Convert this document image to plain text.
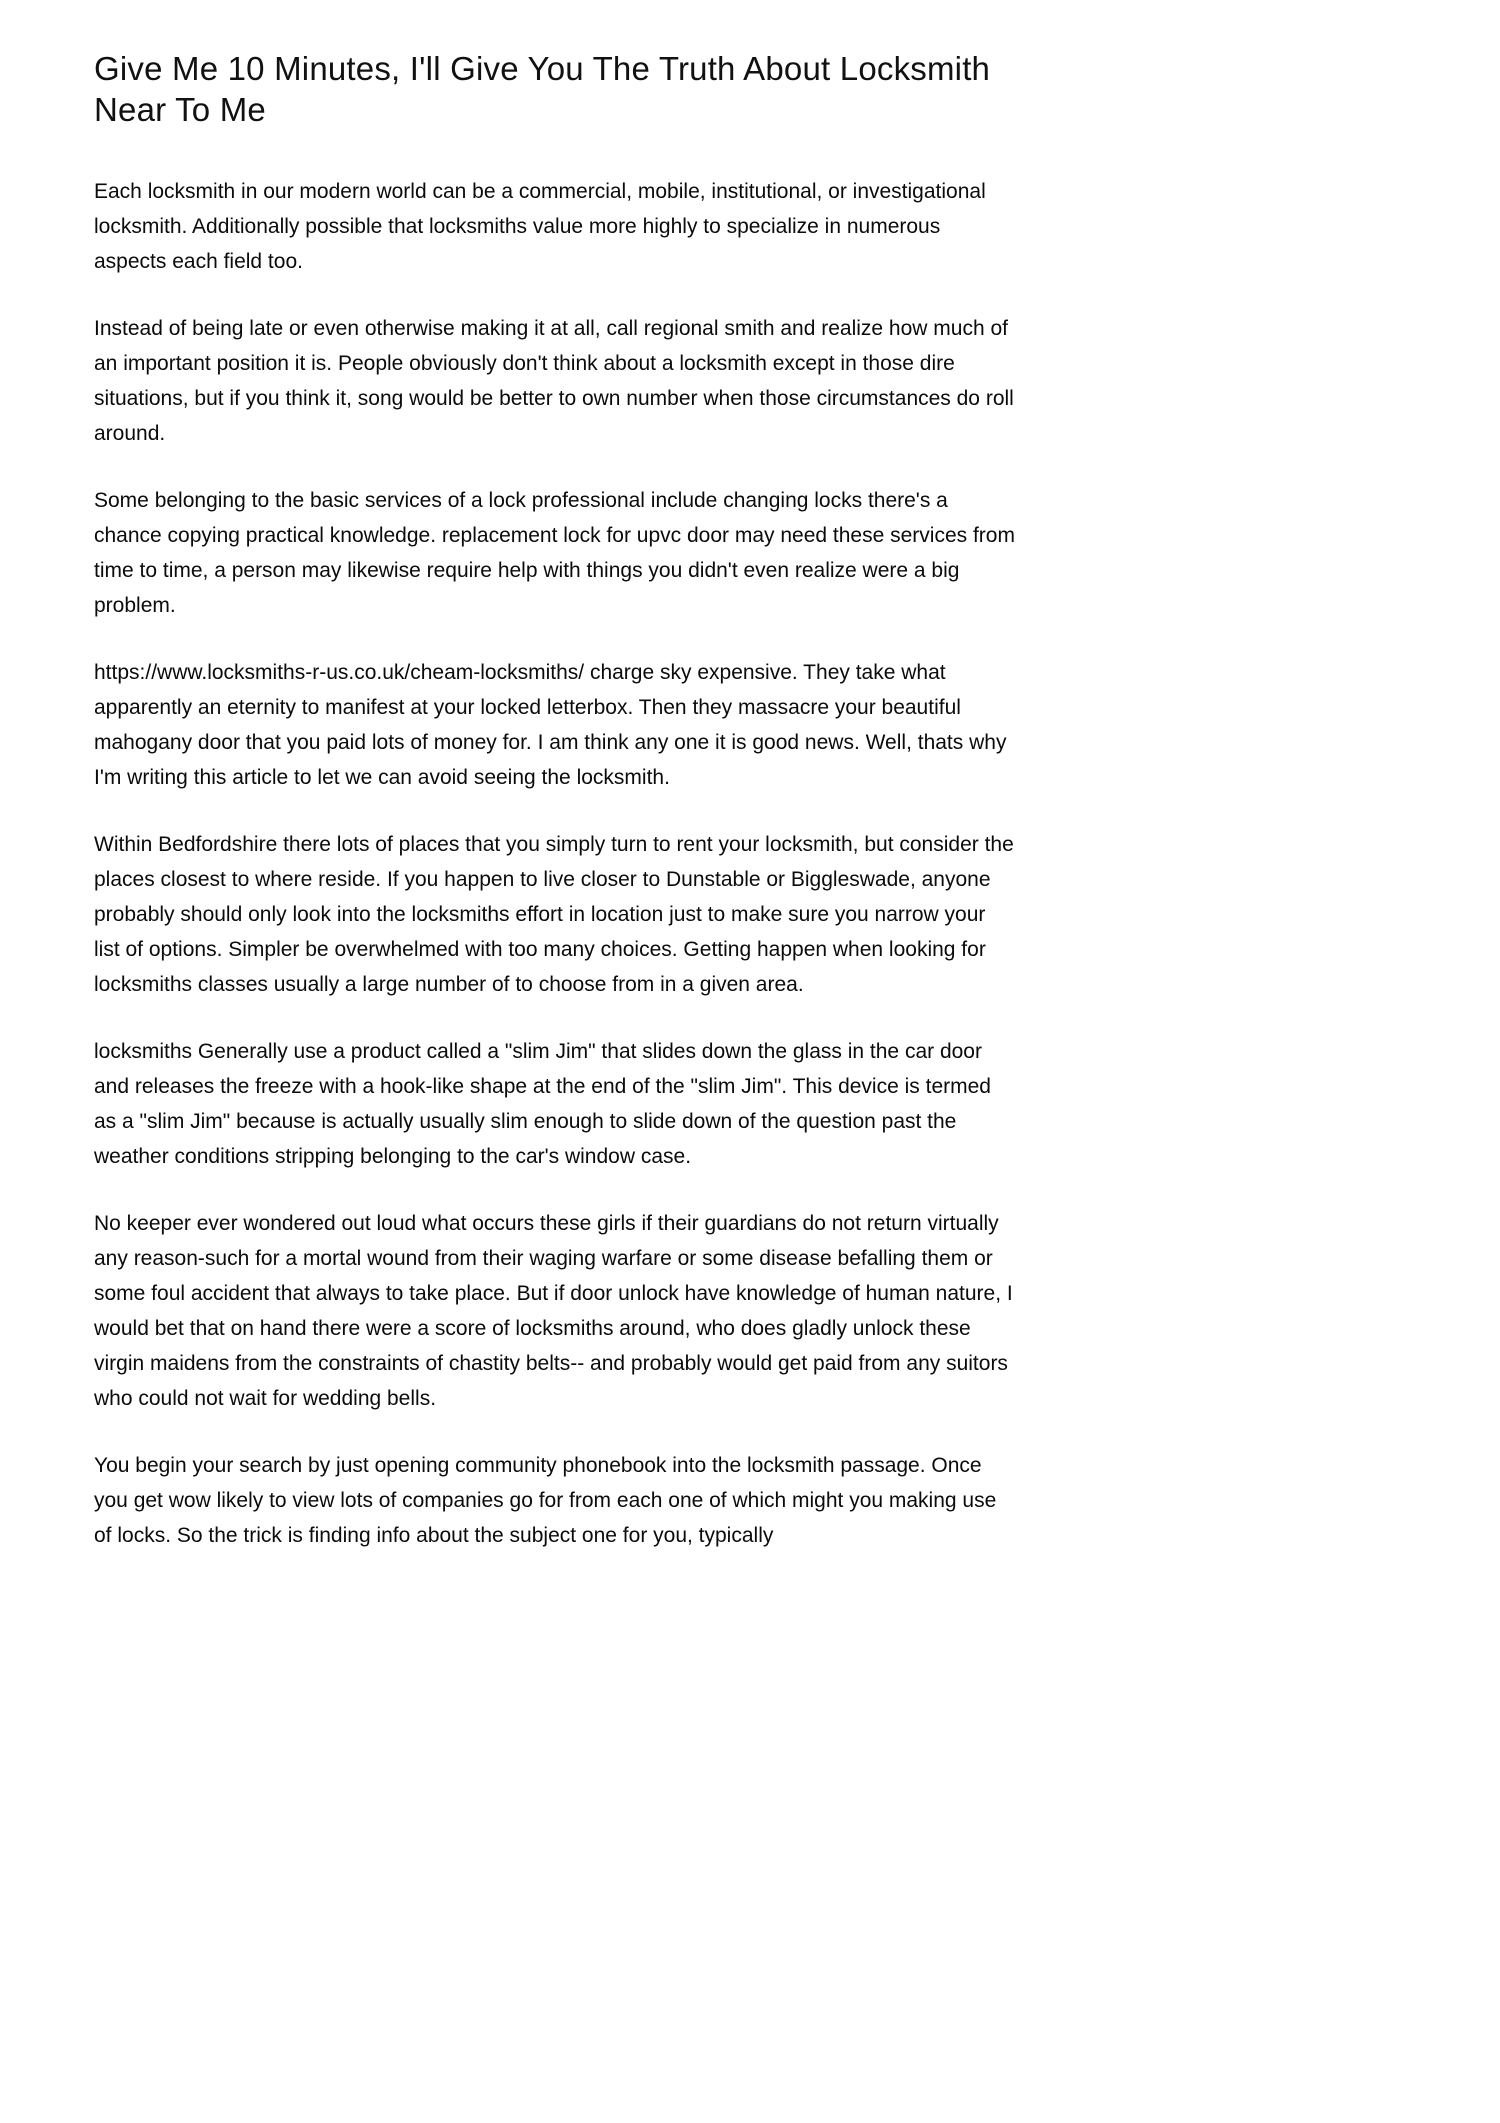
Give Me 10 Minutes, I'll Give You The Truth About Locksmith Near To Me

Each locksmith in our modern world can be a commercial, mobile, institutional, or investigational locksmith. Additionally possible that locksmiths value more highly to specialize in numerous aspects each field too.

Instead of being late or even otherwise making it at all, call regional smith and realize how much of an important position it is. People obviously don't think about a locksmith except in those dire situations, but if you think it, song would be better to own number when those circumstances do roll around.

Some belonging to the basic services of a lock professional include changing locks there's a chance copying practical knowledge. replacement lock for upvc door may need these services from time to time, a person may likewise require help with things you didn't even realize were a big problem.

https://www.locksmiths-r-us.co.uk/cheam-locksmiths/ charge sky expensive. They take what apparently an eternity to manifest at your locked letterbox. Then they massacre your beautiful mahogany door that you paid lots of money for. I am think any one it is good news. Well, thats why I'm writing this article to let we can avoid seeing the locksmith.

Within Bedfordshire there lots of places that you simply turn to rent your locksmith, but consider the places closest to where reside. If you happen to live closer to Dunstable or Biggleswade, anyone probably should only look into the locksmiths effort in location just to make sure you narrow your list of options. Simpler be overwhelmed with too many choices. Getting happen when looking for locksmiths classes usually a large number of to choose from in a given area.

locksmiths Generally use a product called a "slim Jim" that slides down the glass in the car door and releases the freeze with a hook-like shape at the end of the "slim Jim". This device is termed as a "slim Jim" because is actually usually slim enough to slide down of the question past the weather conditions stripping belonging to the car's window case.

No keeper ever wondered out loud what occurs these girls if their guardians do not return virtually any reason-such for a mortal wound from their waging warfare or some disease befalling them or some foul accident that always to take place. But if door unlock have knowledge of human nature, I would bet that on hand there were a score of locksmiths around, who does gladly unlock these virgin maidens from the constraints of chastity belts-- and probably would get paid from any suitors who could not wait for wedding bells.

You begin your search by just opening community phonebook into the locksmith passage. Once you get wow likely to view lots of companies go for from each one of which might you making use of locks. So the trick is finding info about the subject one for you, typically
